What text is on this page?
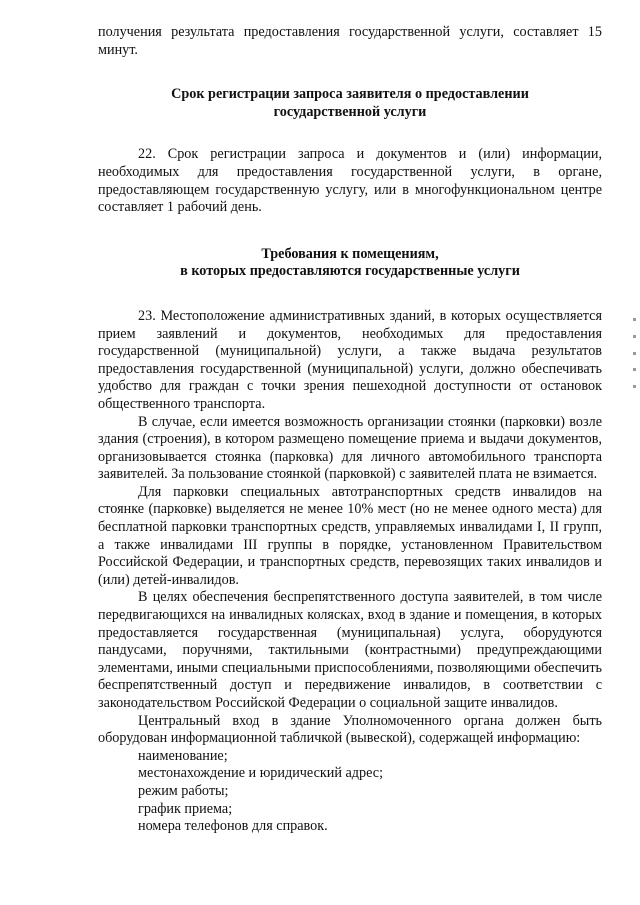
получения результата предоставления государственной услуги, составляет 15 минут.

Срок регистрации запроса заявителя о предоставлении
государственной услуги

22. Срок регистрации запроса и документов и (или) информации, необходимых для предоставления государственной услуги, в органе, предоставляющем государственную услугу, или в многофункциональном центре составляет 1 рабочий день.

Требования к помещениям,
в которых предоставляются государственные услуги

23. Местоположение административных зданий, в которых осуществляется прием заявлений и документов, необходимых для предоставления государственной (муниципальной) услуги, а также выдача результатов предоставления государственной (муниципальной) услуги, должно обеспечивать удобство для граждан с точки зрения пешеходной доступности от остановок общественного транспорта.

В случае, если имеется возможность организации стоянки (парковки) возле здания (строения), в котором размещено помещение приема и выдачи документов, организовывается стоянка (парковка) для личного автомобильного транспорта заявителей. За пользование стоянкой (парковкой) с заявителей плата не взимается.

Для парковки специальных автотранспортных средств инвалидов на стоянке (парковке) выделяется не менее 10% мест (но не менее одного места) для бесплатной парковки транспортных средств, управляемых инвалидами I, II групп, а также инвалидами III группы в порядке, установленном Правительством Российской Федерации, и транспортных средств, перевозящих таких инвалидов и (или) детей-инвалидов.

В целях обеспечения беспрепятственного доступа заявителей, в том числе передвигающихся на инвалидных колясках, вход в здание и помещения, в которых предоставляется государственная (муниципальная) услуга, оборудуются пандусами, поручнями, тактильными (контрастными) предупреждающими элементами, иными специальными приспособлениями, позволяющими обеспечить беспрепятственный доступ и передвижение инвалидов, в соответствии с законодательством Российской Федерации о социальной защите инвалидов.

Центральный вход в здание Уполномоченного органа должен быть оборудован информационной табличкой (вывеской), содержащей информацию:

наименование;
местонахождение и юридический адрес;
режим работы;
график приема;
номера телефонов для справок.
